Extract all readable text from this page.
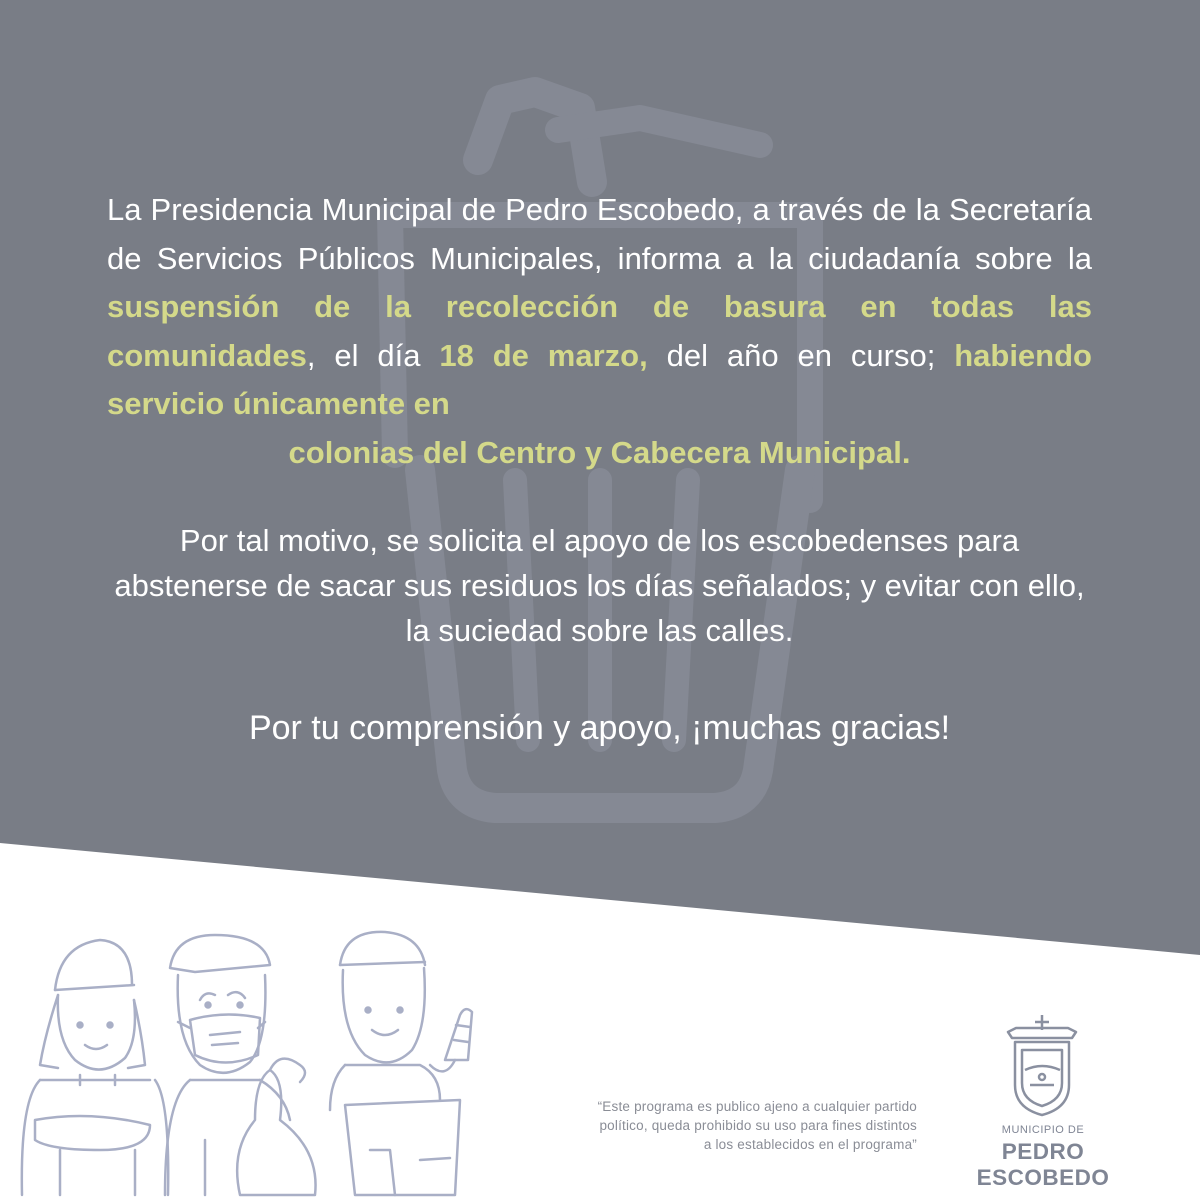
La Presidencia Municipal de Pedro Escobedo, a través de la Secretaría de Servicios Públicos Municipales, informa a la ciudadanía sobre la suspensión de la recolección de basura en todas las comunidades, el día 18 de marzo, del año en curso; habiendo servicio únicamente en
colonias del Centro y Cabecera Municipal.

Por tal motivo, se solicita el apoyo de los escobedenses para abstenerse de sacar sus residuos los días señalados; y evitar con ello, la suciedad sobre las calles.

Por tu comprensión y apoyo, ¡muchas gracias!

“Este programa es publico ajeno a cualquier partido
político, queda prohibido su uso para fines distintos
a los establecidos en el programa”

MUNICIPIO DE
PEDRO ESCOBEDO
